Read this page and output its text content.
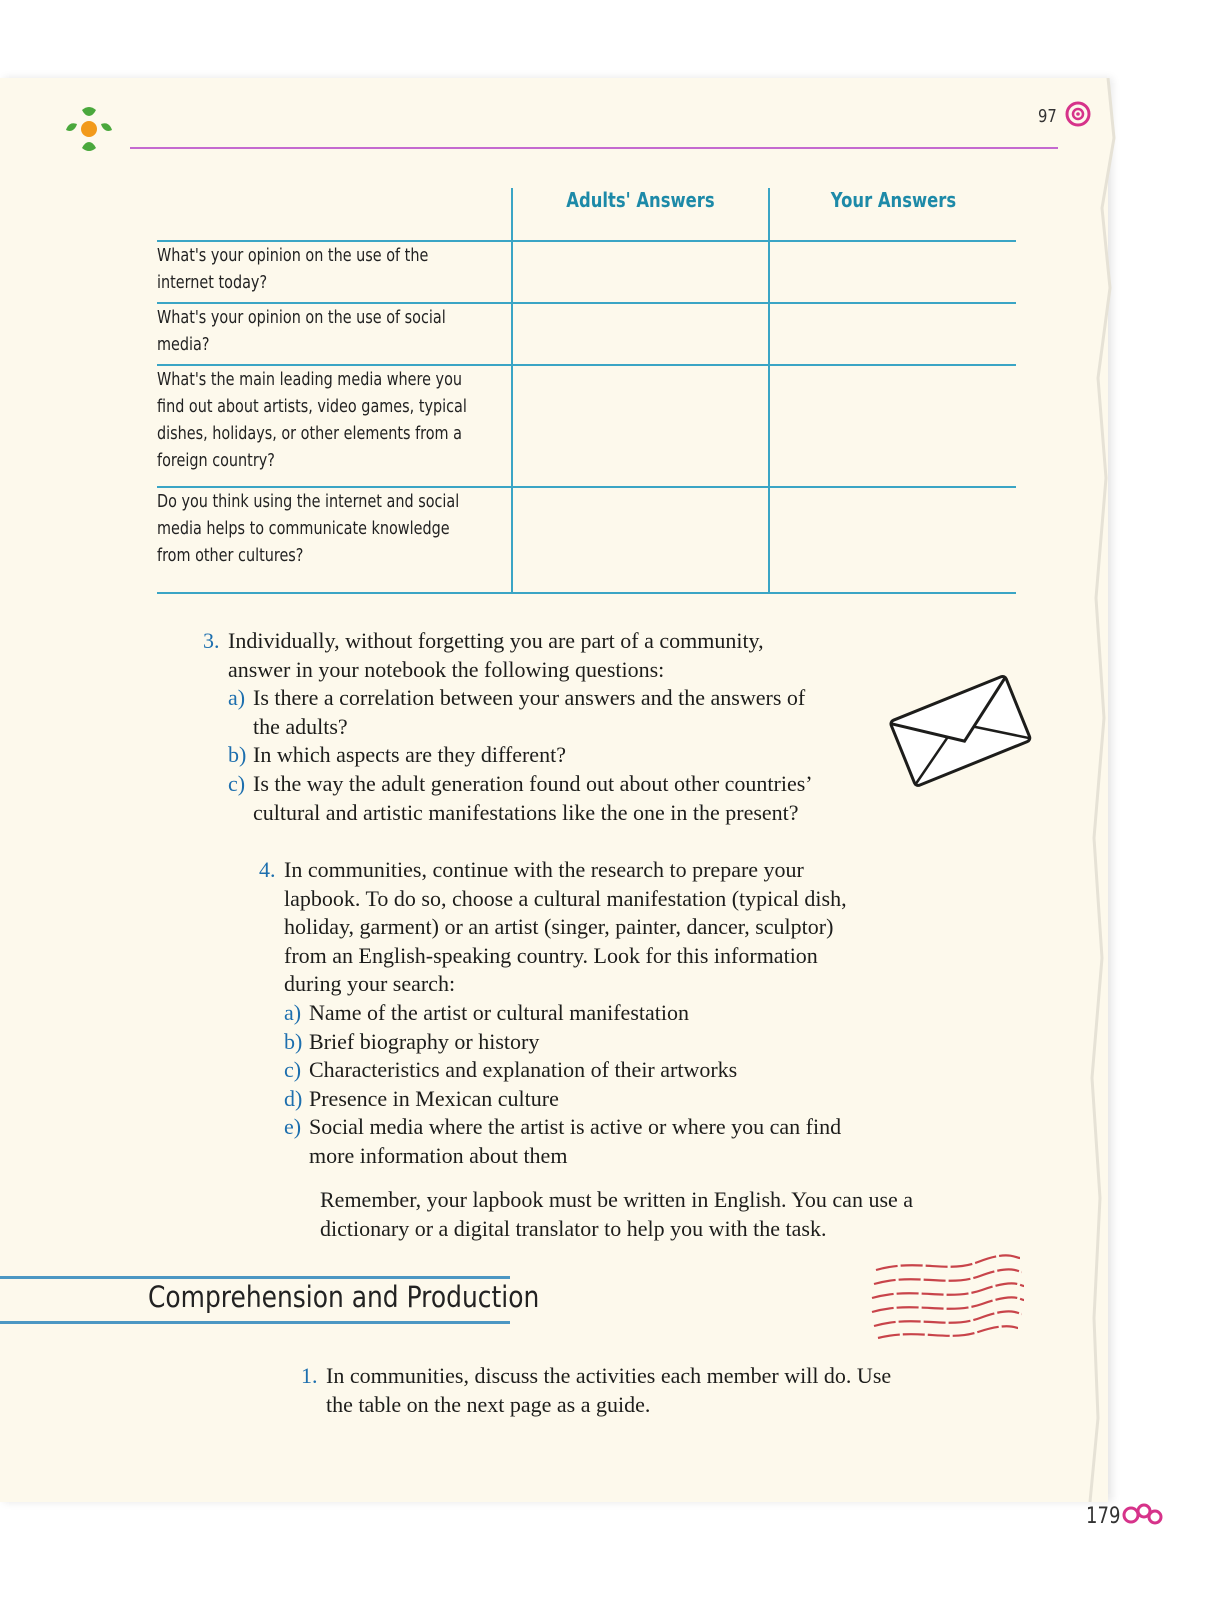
97
	Adults' Answers	Your Answers

What's your opinion on the use of the internet today?		

What's your opinion on the use of social media?		

What's the main leading media where you find out about artists, video games, typical dishes, holidays, or other elements from a foreign country?		

Do you think using the internet and social media helps to communicate knowledge from other cultures?		

3. Individually, without forgetting you are part of a community, answer in your notebook the following questions:
a) Is there a correlation between your answers and the answers of the adults?
b) In which aspects are they different?
c) Is the way the adult generation found out about other countries’ cultural and artistic manifestations like the one in the present?
4. In communities, continue with the research to prepare your lapbook. To do so, choose a cultural manifestation (typical dish, holiday, garment) or an artist (singer, painter, dancer, sculptor) from an English-speaking country. Look for this information during your search:
a) Name of the artist or cultural manifestation
b) Brief biography or history
c) Characteristics and explanation of their artworks
d) Presence in Mexican culture
e) Social media where the artist is active or where you can find more information about them
Remember, your lapbook must be written in English. You can use a dictionary or a digital translator to help you with the task.
Comprehension and Production
1. In communities, discuss the activities each member will do. Use the table on the next page as a guide.
179
